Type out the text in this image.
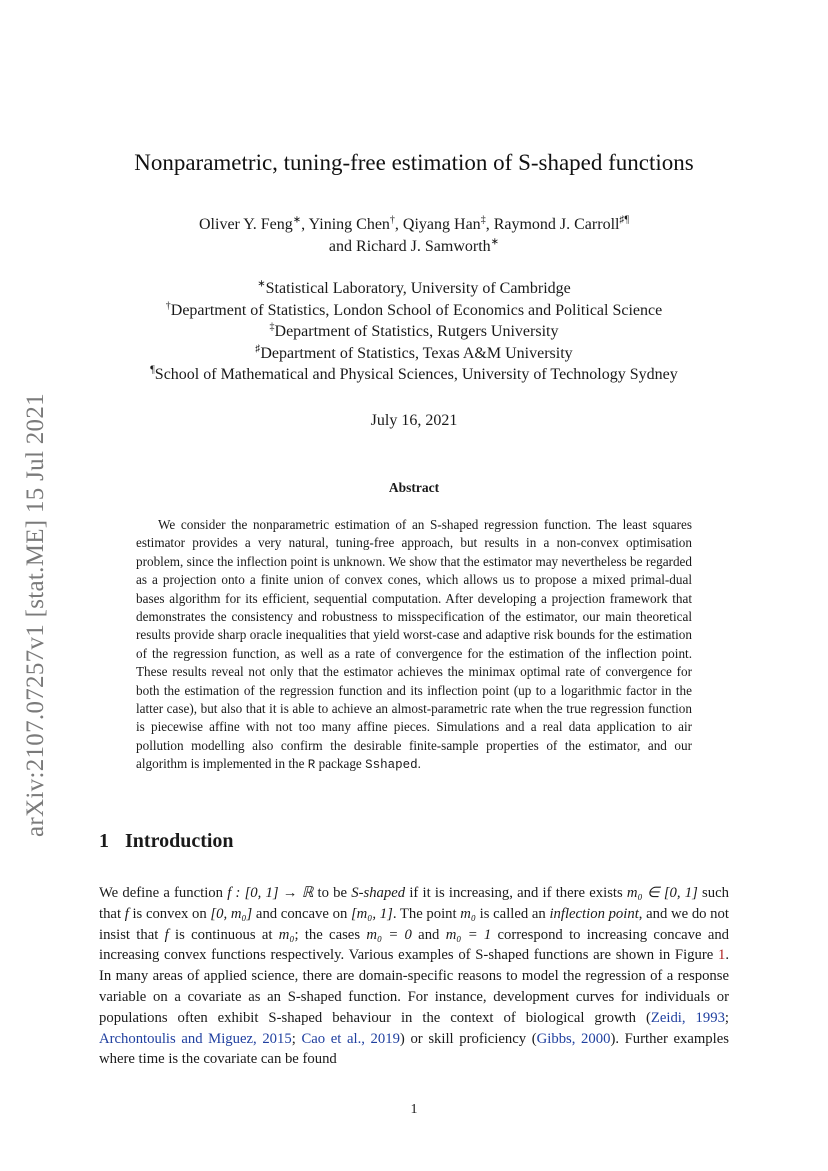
arXiv:2107.07257v1 [stat.ME] 15 Jul 2021
Nonparametric, tuning-free estimation of S-shaped functions
Oliver Y. Feng∗, Yining Chen†, Qiyang Han‡, Raymond J. Carroll♯¶
and Richard J. Samworth∗
∗Statistical Laboratory, University of Cambridge
†Department of Statistics, London School of Economics and Political Science
‡Department of Statistics, Rutgers University
♯Department of Statistics, Texas A&M University
¶School of Mathematical and Physical Sciences, University of Technology Sydney
July 16, 2021
Abstract

We consider the nonparametric estimation of an S-shaped regression function. The least squares estimator provides a very natural, tuning-free approach, but results in a non-convex optimisation problem, since the inflection point is unknown. We show that the estimator may nevertheless be regarded as a projection onto a finite union of convex cones, which allows us to propose a mixed primal-dual bases algorithm for its efficient, sequential computation. After developing a projection framework that demonstrates the consistency and robustness to misspecification of the estimator, our main theoretical results provide sharp oracle inequalities that yield worst-case and adaptive risk bounds for the estimation of the regression function, as well as a rate of convergence for the estimation of the inflection point. These results reveal not only that the estimator achieves the minimax optimal rate of convergence for both the estimation of the regression function and its inflection point (up to a logarithmic factor in the latter case), but also that it is able to achieve an almost-parametric rate when the true regression function is piecewise affine with not too many affine pieces. Simulations and a real data application to air pollution modelling also confirm the desirable finite-sample properties of the estimator, and our algorithm is implemented in the R package Sshaped.

1 Introduction

We define a function f : [0, 1] → ℝ to be S-shaped if it is increasing, and if there exists m₀ ∈ [0, 1] such that f is convex on [0, m₀] and concave on [m₀, 1]. The point m₀ is called an inflection point, and we do not insist that f is continuous at m₀; the cases m₀ = 0 and m₀ = 1 correspond to increasing concave and increasing convex functions respectively. Various examples of S-shaped functions are shown in Figure 1. In many areas of applied science, there are domain-specific reasons to model the regression of a response variable on a covariate as an S-shaped function. For instance, development curves for individuals or populations often exhibit S-shaped behaviour in the context of biological growth (Zeidi, 1993; Archontoulis and Miguez, 2015; Cao et al., 2019) or skill proficiency (Gibbs, 2000). Further examples where time is the covariate can be found

1
